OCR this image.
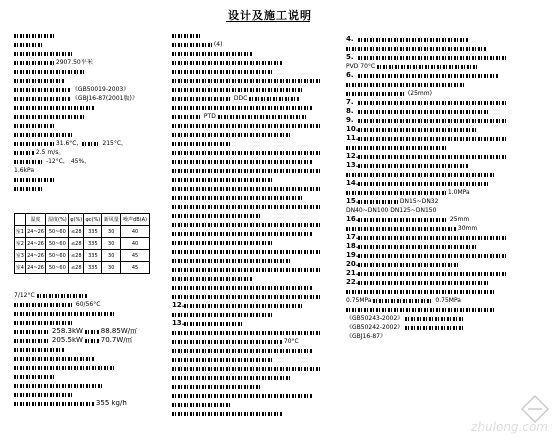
设计及施工说明
2907.50平米
《GB50019-2003》
《GBJ16-87(2001版)》
31.6°C，	215°C，
2.5 m/s。
-12°C， 45%，
1.6kPa
	温度	湿度(%)	φ(%)	φc(%)	新风量	噪声dB(A)
室1	24~26	50~60	≤28	335	30	40
室2	24~26	50~60	≤28	335	30	40
室3	24~26	50~60	≤28	335	30	45
室4	24~26	50~60	≤28	335	30	45
7/12°C
60/56°C
258.3kW	88.85W/㎡
205.5kW	70.7W/㎡
355 kg/h
(4)
DDC
PTD
12.
13.
70°C
4.
5.
PVD 70°C
6.
(25mm)
7.
8.
9.
10.
11.
12.
13.
14.
1.0MPa
15.	DN15~DN32
DN40~DN100 DN125~DN150
16.	25mm
30mm
17.
18.
19.
20.
21.
22.
0.75MPa	0.75MPa
《GB50243-2002》
《GB50242-2002》
《GBJ16-87》
zhulong.com
